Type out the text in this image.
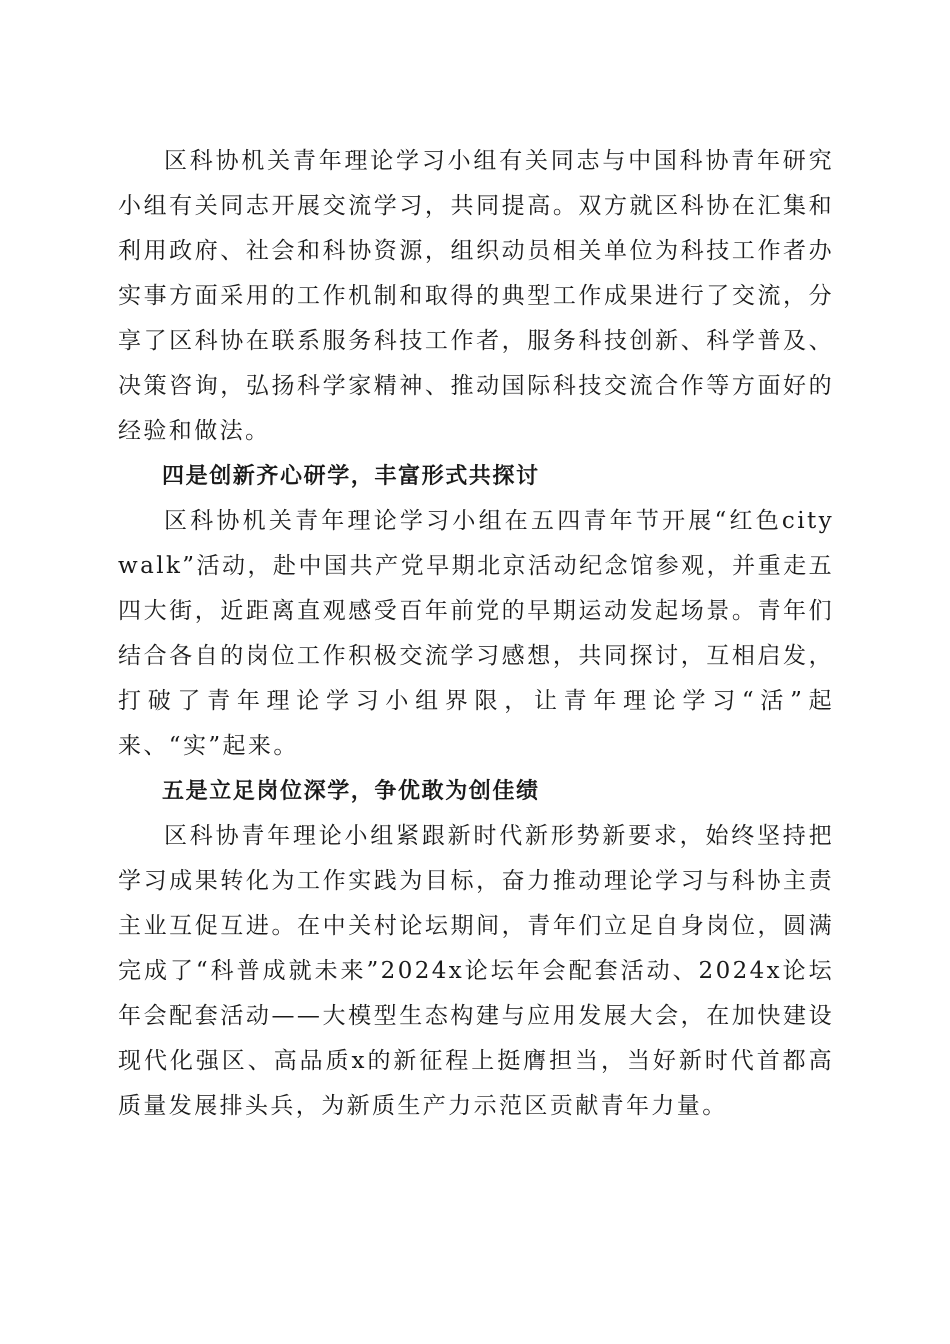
区科协机关青年理论学习小组有关同志与中国科协青年研究小组有关同志开展交流学习，共同提高。双方就区科协在汇集和利用政府、社会和科协资源，组织动员相关单位为科技工作者办实事方面采用的工作机制和取得的典型工作成果进行了交流，分享了区科协在联系服务科技工作者，服务科技创新、科学普及、决策咨询，弘扬科学家精神、推动国际科技交流合作等方面好的经验和做法。

四是创新齐心研学，丰富形式共探讨

区科协机关青年理论学习小组在五四青年节开展“红色citywalk”活动，赴中国共产党早期北京活动纪念馆参观，并重走五四大街，近距离直观感受百年前党的早期运动发起场景。青年们结合各自的岗位工作积极交流学习感想，共同探讨，互相启发，打破了青年理论学习小组界限，让青年理论学习“活”起来、“实”起来。

五是立足岗位深学，争优敢为创佳绩

区科协青年理论小组紧跟新时代新形势新要求，始终坚持把学习成果转化为工作实践为目标，奋力推动理论学习与科协主责主业互促互进。在中关村论坛期间，青年们立足自身岗位，圆满完成了“科普成就未来”2024x论坛年会配套活动、2024x论坛年会配套活动——大模型生态构建与应用发展大会，在加快建设现代化强区、高品质x的新征程上挺膺担当，当好新时代首都高质量发展排头兵，为新质生产力示范区贡献青年力量。
